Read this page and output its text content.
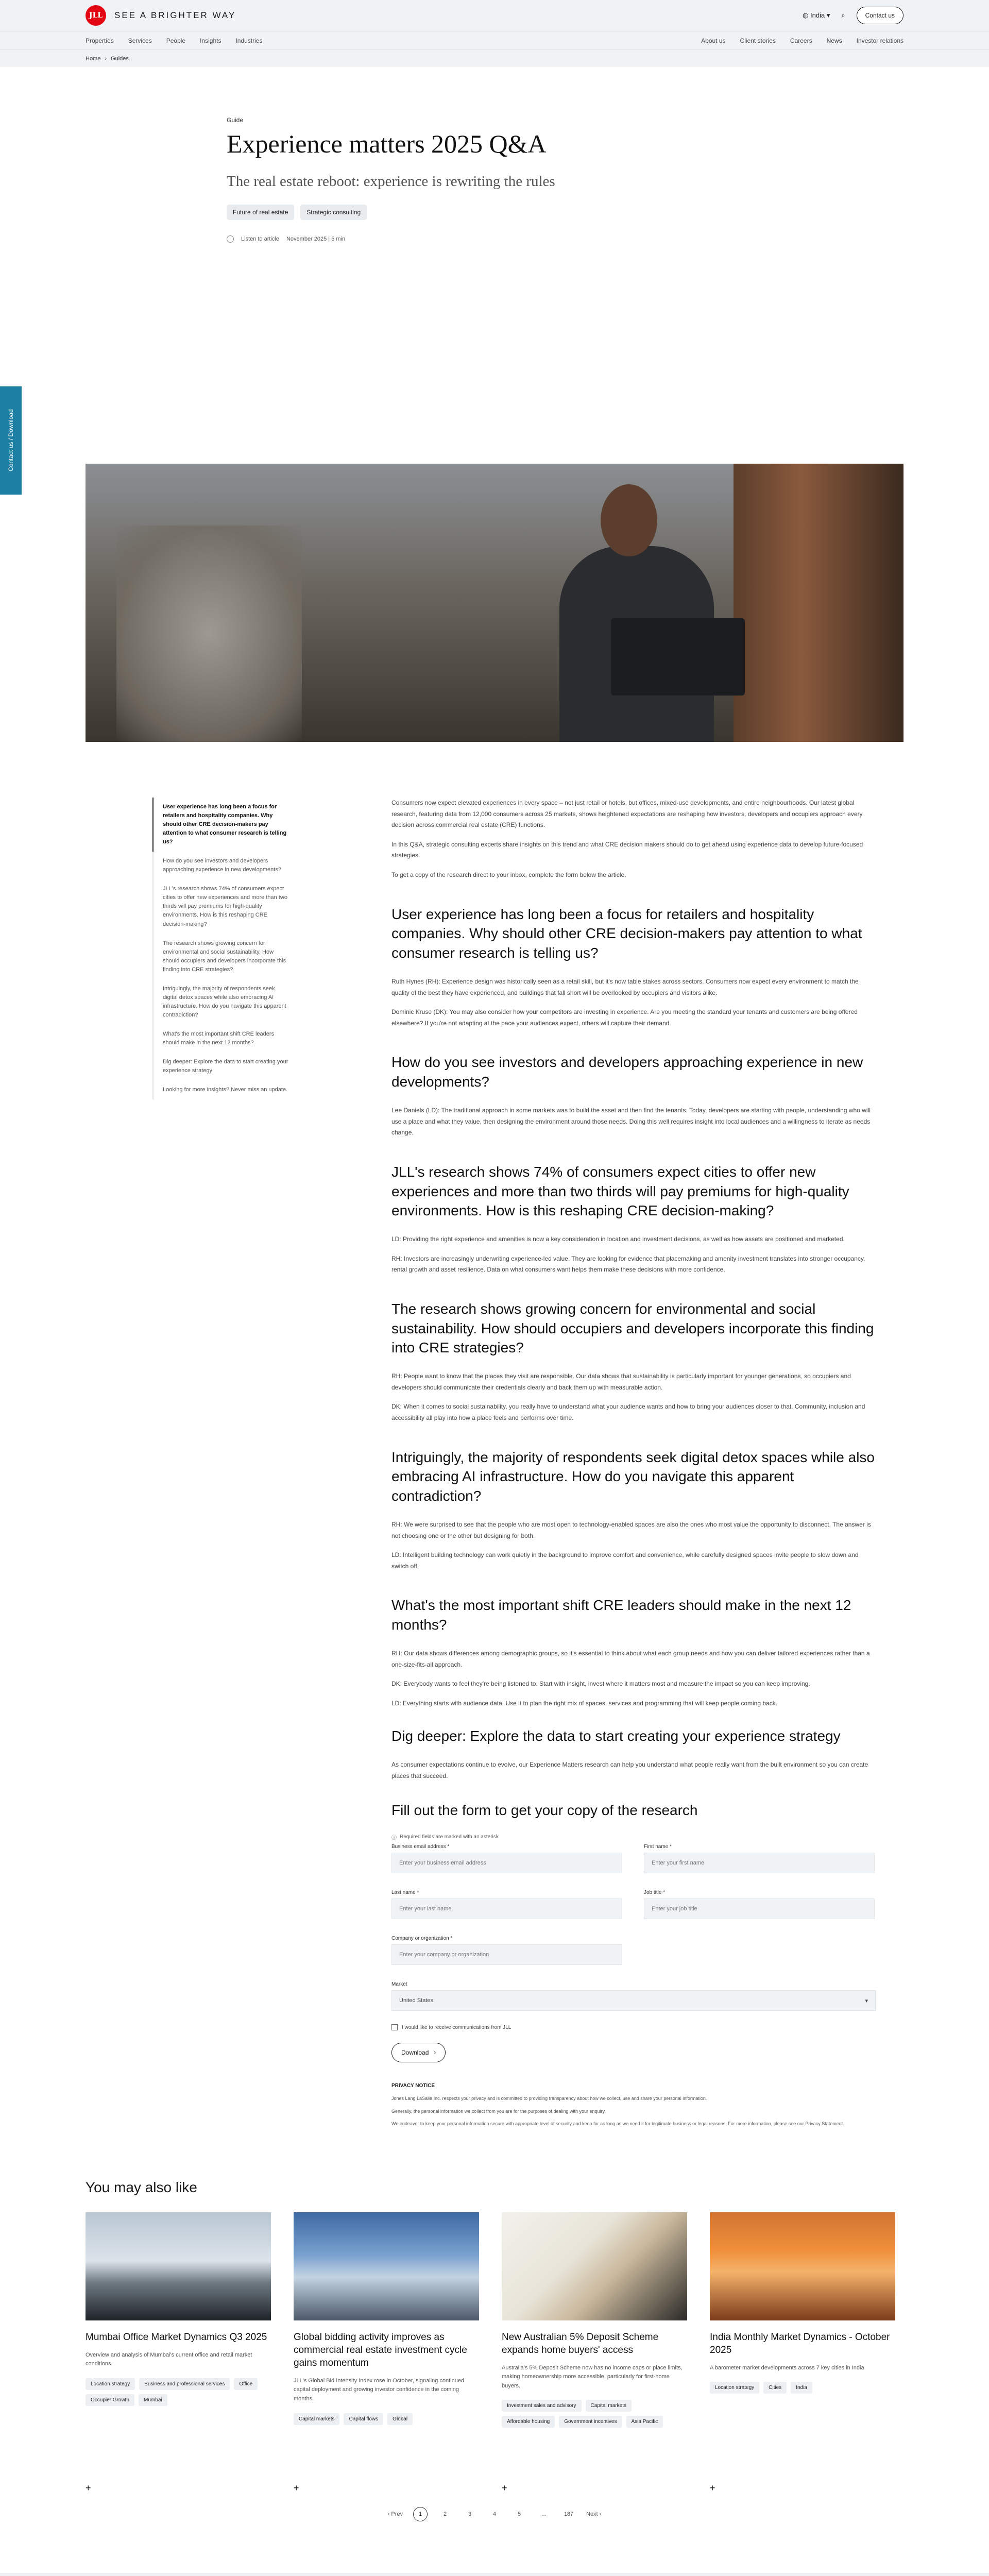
JLL	SEE A BRIGHTER WAY	◍ India ▾ ⌕	Contact us
Properties Services People Insights Industries	About us Client stories Careers News Investor relations
Home › Guides
Guide
Experience matters 2025 Q&A
The real estate reboot: experience is rewriting the rules
Future of real estate	Strategic consulting
Listen to article November 2025 | 5 min
Contact us / Download
User experience has long been a focus for retailers and hospitality companies. Why should other CRE decision-makers pay attention to what consumer research is telling us?
How do you see investors and developers approaching experience in new developments?
JLL's research shows 74% of consumers expect cities to offer new experiences and more than two thirds will pay premiums for high-quality environments. How is this reshaping CRE decision-making?
The research shows growing concern for environmental and social sustainability. How should occupiers and developers incorporate this finding into CRE strategies?
Intriguingly, the majority of respondents seek digital detox spaces while also embracing AI infrastructure. How do you navigate this apparent contradiction?
What's the most important shift CRE leaders should make in the next 12 months?
Dig deeper: Explore the data to start creating your experience strategy
Looking for more insights? Never miss an update.

Consumers now expect elevated experiences in every space – not just retail or hotels, but offices, mixed-use developments, and entire neighbourhoods. Our latest global research, featuring data from 12,000 consumers across 25 markets, shows heightened expectations are reshaping how investors, developers and occupiers approach every decision across commercial real estate (CRE) functions.

In this Q&A, strategic consulting experts share insights on this trend and what CRE decision makers should do to get ahead using experience data to develop future-focused strategies.

To get a copy of the research direct to your inbox, complete the form below the article.

User experience has long been a focus for retailers and hospitality companies. Why should other CRE decision-makers pay attention to what consumer research is telling us?

Ruth Hynes (RH): Experience design was historically seen as a retail skill, but it's now table stakes across sectors. Consumers now expect every environment to match the quality of the best they have experienced, and buildings that fall short will be overlooked by occupiers and visitors alike.

Dominic Kruse (DK): You may also consider how your competitors are investing in experience. Are you meeting the standard your tenants and customers are being offered elsewhere? If you're not adapting at the pace your audiences expect, others will capture their demand.

How do you see investors and developers approaching experience in new developments?

Lee Daniels (LD): The traditional approach in some markets was to build the asset and then find the tenants. Today, developers are starting with people, understanding who will use a place and what they value, then designing the environment around those needs. Doing this well requires insight into local audiences and a willingness to iterate as needs change.

JLL's research shows 74% of consumers expect cities to offer new experiences and more than two thirds will pay premiums for high-quality environments. How is this reshaping CRE decision-making?

LD: Providing the right experience and amenities is now a key consideration in location and investment decisions, as well as how assets are positioned and marketed.

RH: Investors are increasingly underwriting experience-led value. They are looking for evidence that placemaking and amenity investment translates into stronger occupancy, rental growth and asset resilience. Data on what consumers want helps them make these decisions with more confidence.

The research shows growing concern for environmental and social sustainability. How should occupiers and developers incorporate this finding into CRE strategies?

RH: People want to know that the places they visit are responsible. Our data shows that sustainability is particularly important for younger generations, so occupiers and developers should communicate their credentials clearly and back them up with measurable action.

DK: When it comes to social sustainability, you really have to understand what your audience wants and how to bring your audiences closer to that. Community, inclusion and accessibility all play into how a place feels and performs over time.

Intriguingly, the majority of respondents seek digital detox spaces while also embracing AI infrastructure. How do you navigate this apparent contradiction?

RH: We were surprised to see that the people who are most open to technology-enabled spaces are also the ones who most value the opportunity to disconnect. The answer is not choosing one or the other but designing for both.

LD: Intelligent building technology can work quietly in the background to improve comfort and convenience, while carefully designed spaces invite people to slow down and switch off.

What's the most important shift CRE leaders should make in the next 12 months?

RH: Our data shows differences among demographic groups, so it's essential to think about what each group needs and how you can deliver tailored experiences rather than a one-size-fits-all approach.

DK: Everybody wants to feel they're being listened to. Start with insight, invest where it matters most and measure the impact so you can keep improving.

LD: Everything starts with audience data. Use it to plan the right mix of spaces, services and programming that will keep people coming back.

Dig deeper: Explore the data to start creating your experience strategy

As consumer expectations continue to evolve, our Experience Matters research can help you understand what people really want from the built environment so you can create places that succeed.

Fill out the form to get your copy of the research
ⓘ Required fields are marked with an asterisk
Business email address *
Enter your business email address
First name *
Enter your first name
Last name *
Enter your last name
Job title *
Enter your job title
Company or organization *
Enter your company or organization
Market
United States	▾
I would like to receive communications from JLL
Download ›
PRIVACY NOTICE

Jones Lang LaSalle Inc. respects your privacy and is committed to providing transparency about how we collect, use and share your personal information.

Generally, the personal information we collect from you are for the purposes of dealing with your enquiry.

We endeavor to keep your personal information secure with appropriate level of security and keep for as long as we need it for legitimate business or legal reasons. For more information, please see our Privacy Statement.

You may also like
Mumbai Office Market Dynamics Q3 2025

Overview and analysis of Mumbai's current office and retail market conditions.

Location strategy	Business and professional services	Office
Occupier Growth	Mumbai
+
Global bidding activity improves as commercial real estate investment cycle gains momentum

JLL's Global Bid Intensity Index rose in October, signaling continued capital deployment and growing investor confidence in the coming months.

Capital markets	Capital flows	Global
+
New Australian 5% Deposit Scheme expands home buyers' access

Australia's 5% Deposit Scheme now has no income caps or place limits, making homeownership more accessible, particularly for first-home buyers.

Investment sales and advisory	Capital markets
Affordable housing	Government incentives	Asia Pacific
+
India Monthly Market Dynamics - October 2025

A barometer market developments across 7 key cities in India

Location strategy	Cities	India
+
‹ Prev	1	2	3	4	5	...	187	Next ›
